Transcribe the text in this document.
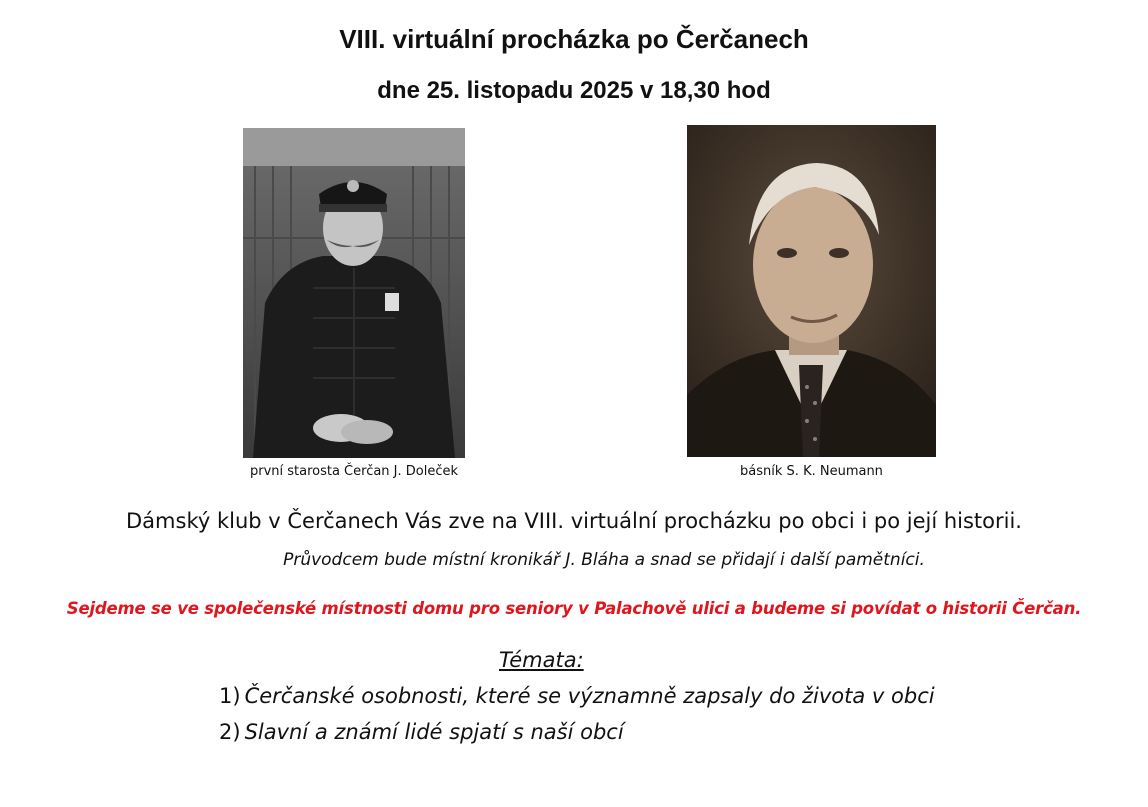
VIII. virtuální procházka po Čerčanech
dne 25. listopadu 2025 v 18,30 hod
první starosta Čerčan J. Doleček	básník S. K. Neumann
Dámský klub v Čerčanech Vás zve na VIII. virtuální procházku po obci i po její historii.
Průvodcem bude místní kronikář J. Bláha a snad se přidají i další pamětníci.
Sejdeme se ve společenské místnosti domu pro seniory v Palachově ulici a budeme si povídat o historii Čerčan.
Témata:
1) Čerčanské osobnosti, které se významně zapsaly do života v obci
2) Slavní a známí lidé spjatí s naší obcí
